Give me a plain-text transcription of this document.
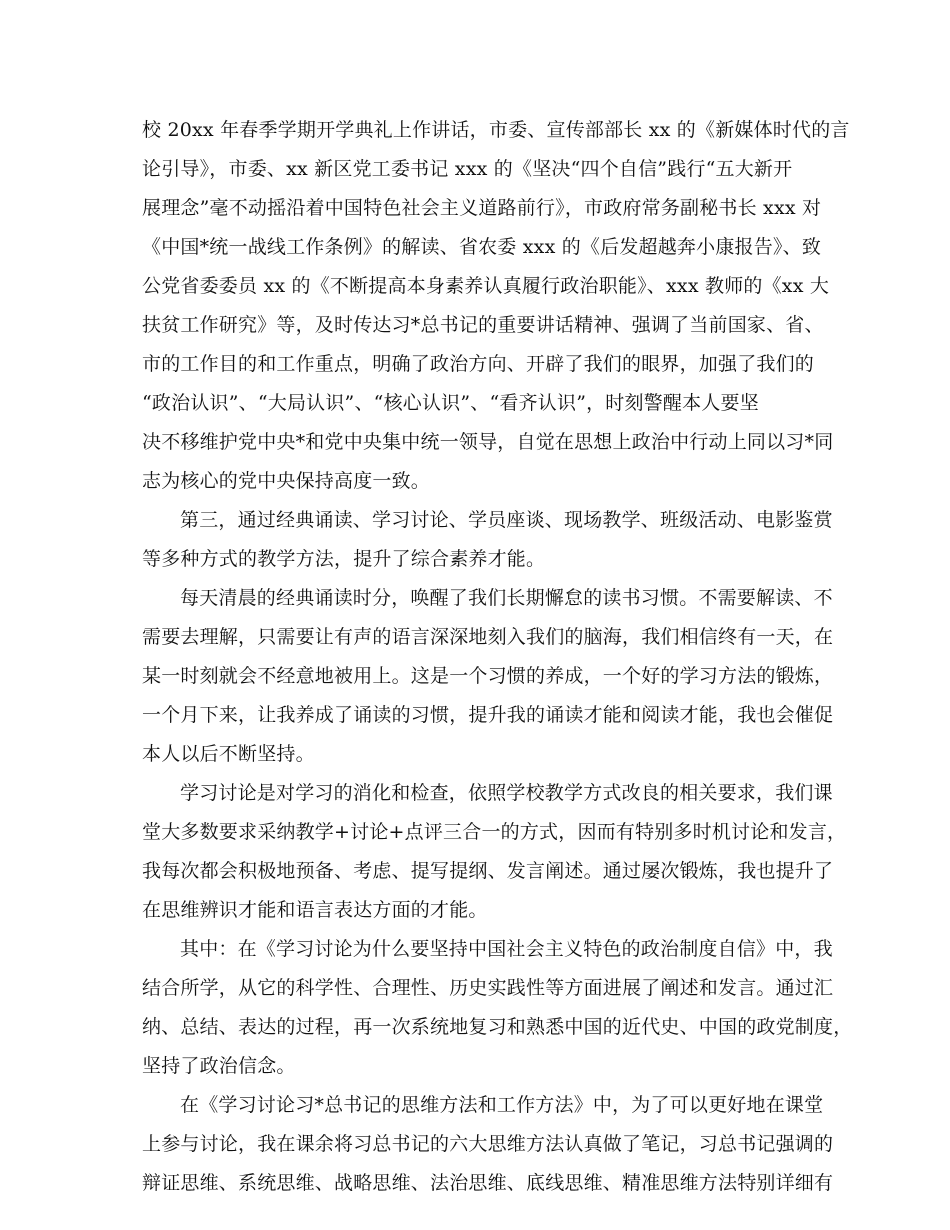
校 20xx 年春季学期开学典礼上作讲话，市委、宣传部部长 xx 的《新媒体时代的言
论引导》，市委、xx 新区党工委书记 xxx 的《坚决“四个自信”践行“五大新开
展理念”毫不动摇沿着中国特色社会主义道路前行》，市政府常务副秘书长 xxx 对
《中国*统一战线工作条例》的解读、省农委 xxx 的《后发超越奔小康报告》、致
公党省委委员 xx 的《不断提高本身素养认真履行政治职能》、xxx 教师的《xx 大
扶贫工作研究》等，及时传达习*总书记的重要讲话精神、强调了当前国家、省、
市的工作目的和工作重点，明确了政治方向、开辟了我们的眼界，加强了我们的
“政治认识”、“大局认识”、“核心认识”、“看齐认识”，时刻警醒本人要坚
决不移维护党中央*和党中央集中统一领导，自觉在思想上政治中行动上同以习*同
志为核心的党中央保持高度一致。
第三，通过经典诵读、学习讨论、学员座谈、现场教学、班级活动、电影鉴赏
等多种方式的教学方法，提升了综合素养才能。
每天清晨的经典诵读时分，唤醒了我们长期懈怠的读书习惯。不需要解读、不
需要去理解，只需要让有声的语言深深地刻入我们的脑海，我们相信终有一天，在
某一时刻就会不经意地被用上。这是一个习惯的养成，一个好的学习方法的锻炼，
一个月下来，让我养成了诵读的习惯，提升我的诵读才能和阅读才能，我也会催促
本人以后不断坚持。
学习讨论是对学习的消化和检查，依照学校教学方式改良的相关要求，我们课
堂大多数要求采纳教学+讨论+点评三合一的方式，因而有特别多时机讨论和发言，
我每次都会积极地预备、考虑、提写提纲、发言阐述。通过屡次锻炼，我也提升了
在思维辨识才能和语言表达方面的才能。
其中：在《学习讨论为什么要坚持中国社会主义特色的政治制度自信》中，我
结合所学，从它的科学性、合理性、历史实践性等方面进展了阐述和发言。通过汇
纳、总结、表达的过程，再一次系统地复习和熟悉中国的近代史、中国的政党制度，
坚持了政治信念。
在《学习讨论习*总书记的思维方法和工作方法》中，为了可以更好地在课堂
上参与讨论，我在课余将习总书记的六大思维方法认真做了笔记，习总书记强调的
辩证思维、系统思维、战略思维、法治思维、底线思维、精准思维方法特别详细有
